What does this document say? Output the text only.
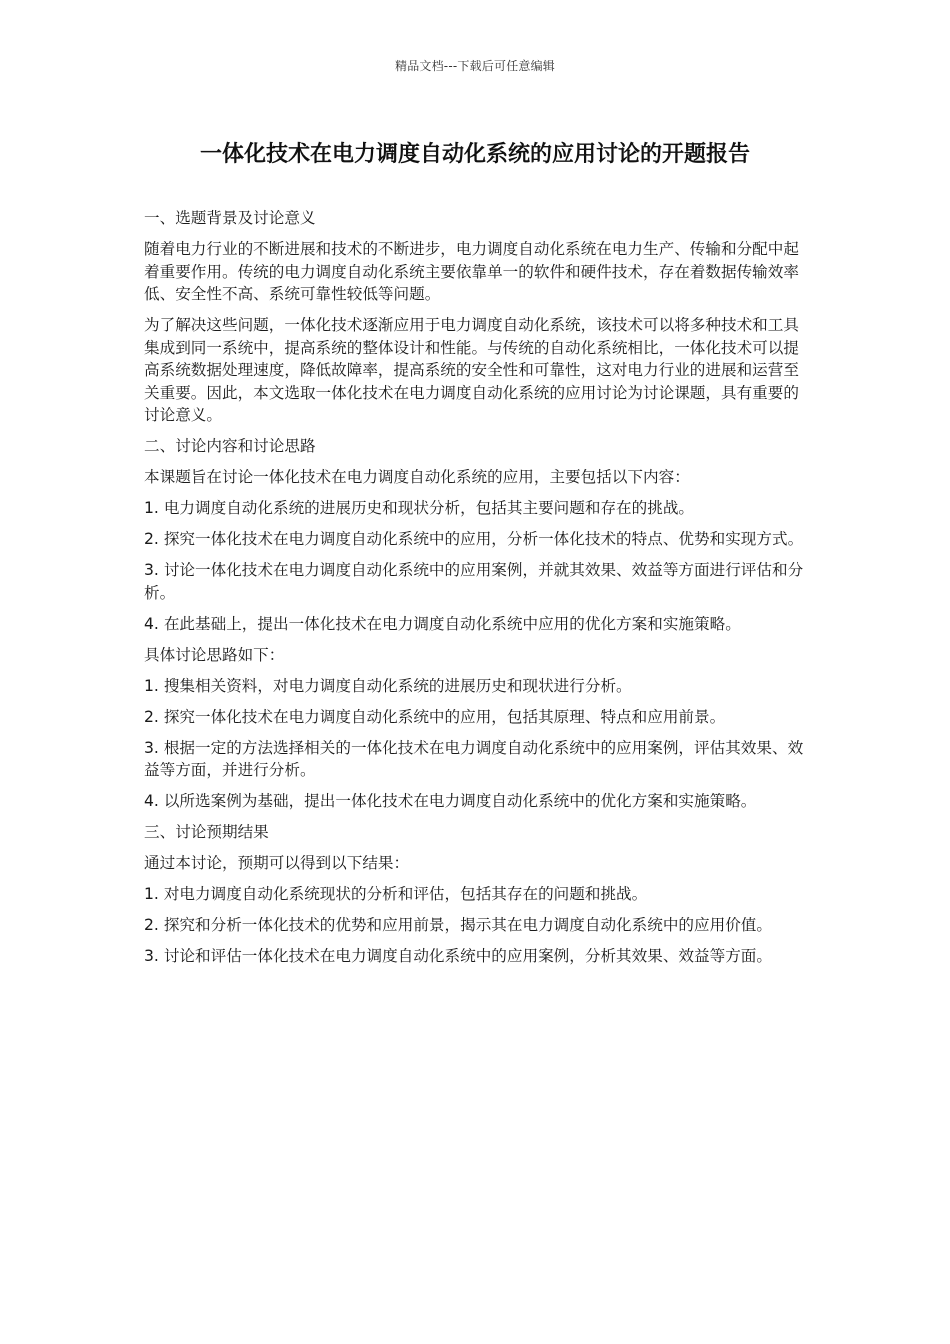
精品文档---下载后可任意编辑
一体化技术在电力调度自动化系统的应用讨论的开题报告

一、选题背景及讨论意义

随着电力行业的不断进展和技术的不断进步，电力调度自动化系统在电力生产、传输和分配中起着重要作用。传统的电力调度自动化系统主要依靠单一的软件和硬件技术，存在着数据传输效率低、安全性不高、系统可靠性较低等问题。

为了解决这些问题，一体化技术逐渐应用于电力调度自动化系统，该技术可以将多种技术和工具集成到同一系统中，提高系统的整体设计和性能。与传统的自动化系统相比，一体化技术可以提高系统数据处理速度，降低故障率，提高系统的安全性和可靠性，这对电力行业的进展和运营至关重要。因此，本文选取一体化技术在电力调度自动化系统的应用讨论为讨论课题，具有重要的讨论意义。

二、讨论内容和讨论思路

本课题旨在讨论一体化技术在电力调度自动化系统的应用，主要包括以下内容：

1. 电力调度自动化系统的进展历史和现状分析，包括其主要问题和存在的挑战。

2. 探究一体化技术在电力调度自动化系统中的应用，分析一体化技术的特点、优势和实现方式。

3. 讨论一体化技术在电力调度自动化系统中的应用案例，并就其效果、效益等方面进行评估和分析。

4. 在此基础上，提出一体化技术在电力调度自动化系统中应用的优化方案和实施策略。

具体讨论思路如下：

1. 搜集相关资料，对电力调度自动化系统的进展历史和现状进行分析。

2. 探究一体化技术在电力调度自动化系统中的应用，包括其原理、特点和应用前景。

3. 根据一定的方法选择相关的一体化技术在电力调度自动化系统中的应用案例，评估其效果、效益等方面，并进行分析。

4. 以所选案例为基础，提出一体化技术在电力调度自动化系统中的优化方案和实施策略。

三、讨论预期结果

通过本讨论，预期可以得到以下结果：

1. 对电力调度自动化系统现状的分析和评估，包括其存在的问题和挑战。

2. 探究和分析一体化技术的优势和应用前景，揭示其在电力调度自动化系统中的应用价值。

3. 讨论和评估一体化技术在电力调度自动化系统中的应用案例，分析其效果、效益等方面。
